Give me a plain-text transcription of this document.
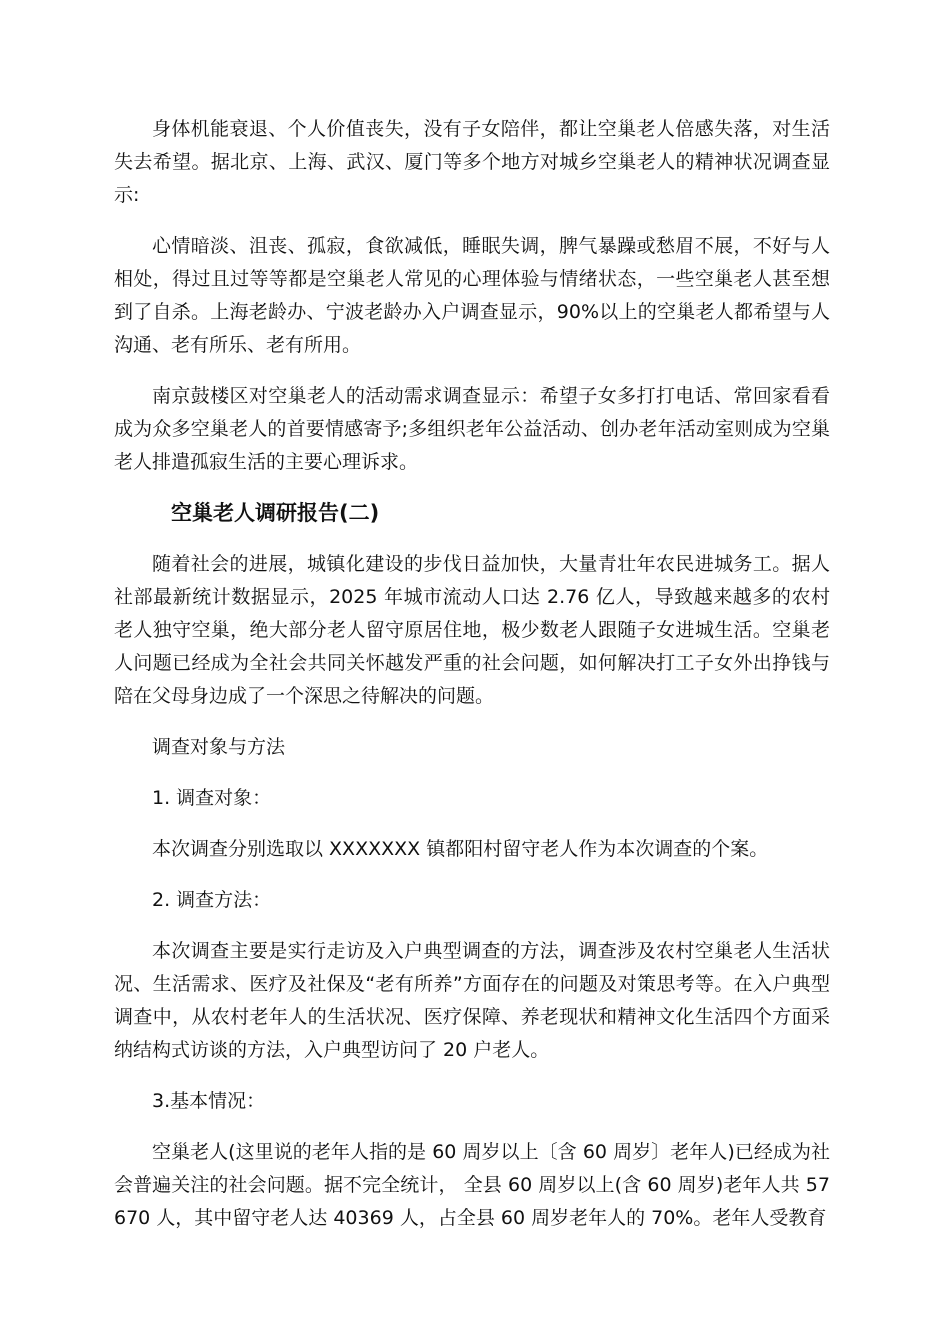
身体机能衰退、个人价值丧失，没有子女陪伴，都让空巢老人倍感失落，对生活失去希望。据北京、上海、武汉、厦门等多个地方对城乡空巢老人的精神状况调查显示:

心情暗淡、沮丧、孤寂，食欲减低，睡眠失调，脾气暴躁或愁眉不展，不好与人相处，得过且过等等都是空巢老人常见的心理体验与情绪状态，一些空巢老人甚至想到了自杀。上海老龄办、宁波老龄办入户调查显示，90%以上的空巢老人都希望与人沟通、老有所乐、老有所用。

南京鼓楼区对空巢老人的活动需求调查显示：希望子女多打打电话、常回家看看成为众多空巢老人的首要情感寄予;多组织老年公益活动、创办老年活动室则成为空巢老人排遣孤寂生活的主要心理诉求。

空巢老人调研报告(二)

随着社会的进展，城镇化建设的步伐日益加快，大量青壮年农民进城务工。据人社部最新统计数据显示，2025 年城市流动人口达 2.76 亿人，导致越来越多的农村老人独守空巢，绝大部分老人留守原居住地，极少数老人跟随子女进城生活。空巢老人问题已经成为全社会共同关怀越发严重的社会问题，如何解决打工子女外出挣钱与陪在父母身边成了一个深思之待解决的问题。

调查对象与方法

1. 调查对象：

本次调查分别选取以 XXXXXXX 镇都阳村留守老人作为本次调查的个案。

2. 调查方法：

本次调查主要是实行走访及入户典型调查的方法，调查涉及农村空巢老人生活状况、生活需求、医疗及社保及“老有所养”方面存在的问题及对策思考等。在入户典型调查中，从农村老年人的生活状况、医疗保障、养老现状和精神文化生活四个方面采纳结构式访谈的方法，入户典型访问了 20 户老人。

3.基本情况：

空巢老人(这里说的老年人指的是 60 周岁以上〔含 60 周岁〕老年人)已经成为社会普遍关注的社会问题。据不完全统计， 全县 60 周岁以上(含 60 周岁)老年人共 57670 人，其中留守老人达 40369 人，占全县 60 周岁老年人的 70%。老年人受教育
